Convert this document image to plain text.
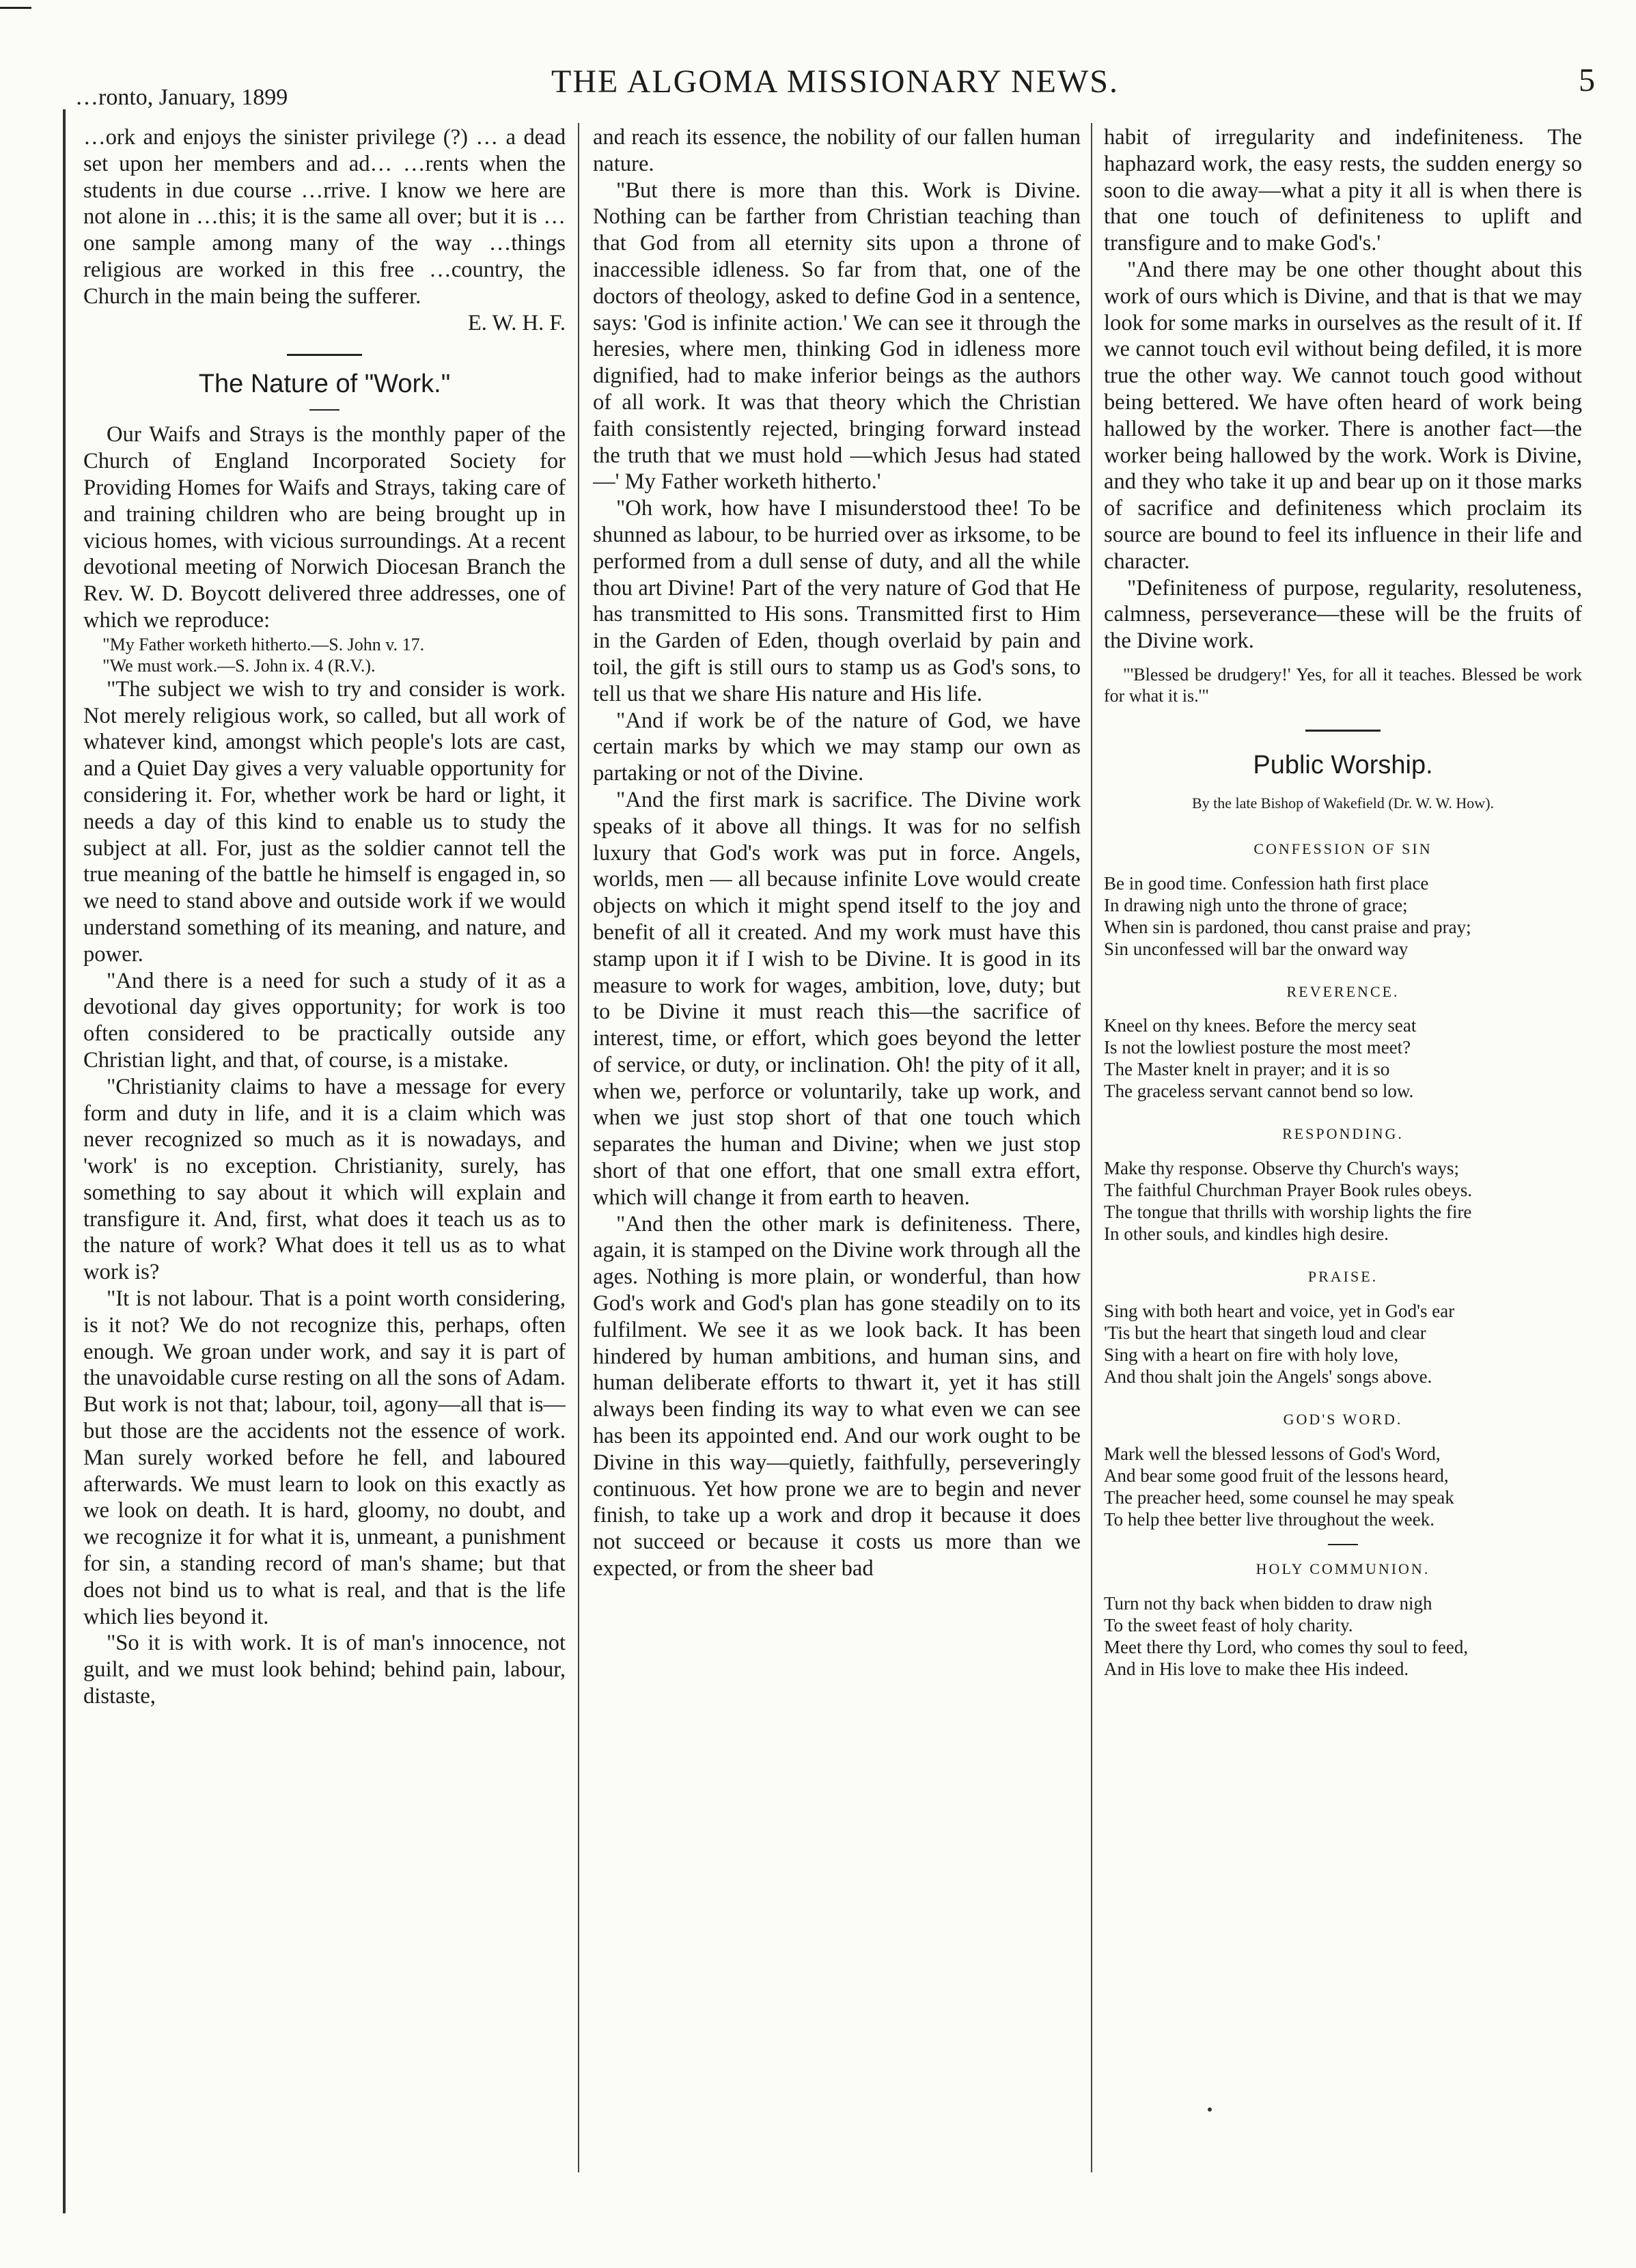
…ronto, January, 1899	THE ALGOMA MISSIONARY NEWS.	5

…ork and enjoys the sinister privilege (?) … a dead set upon her members and ad… …rents when the students in due course …rrive. I know we here are not alone in …this; it is the same all over; but it is …one sample among many of the way …things religious are worked in this free …country, the Church in the main being the sufferer.

E. W. H. F.

The Nature of "Work."

Our Waifs and Strays is the monthly paper of the Church of England Incorporated Society for Providing Homes for Waifs and Strays, taking care of and training children who are being brought up in vicious homes, with vicious surroundings. At a recent devotional meeting of Norwich Diocesan Branch the Rev. W. D. Boycott delivered three addresses, one of which we reproduce:

"My Father worketh hitherto.—S. John v. 17.

"We must work.—S. John ix. 4 (R.V.).

"The subject we wish to try and consider is work. Not merely religious work, so called, but all work of whatever kind, amongst which people's lots are cast, and a Quiet Day gives a very valuable opportunity for considering it. For, whether work be hard or light, it needs a day of this kind to enable us to study the subject at all. For, just as the soldier cannot tell the true meaning of the battle he himself is engaged in, so we need to stand above and outside work if we would understand something of its meaning, and nature, and power.

"And there is a need for such a study of it as a devotional day gives opportunity; for work is too often considered to be practically outside any Christian light, and that, of course, is a mistake.

"Christianity claims to have a message for every form and duty in life, and it is a claim which was never recognized so much as it is nowadays, and 'work' is no exception. Christianity, surely, has something to say about it which will explain and transfigure it. And, first, what does it teach us as to the nature of work? What does it tell us as to what work is?

"It is not labour. That is a point worth considering, is it not? We do not recognize this, perhaps, often enough. We groan under work, and say it is part of the unavoidable curse resting on all the sons of Adam. But work is not that; labour, toil, agony—all that is—but those are the accidents not the essence of work. Man surely worked before he fell, and laboured afterwards. We must learn to look on this exactly as we look on death. It is hard, gloomy, no doubt, and we recognize it for what it is, unmeant, a punishment for sin, a standing record of man's shame; but that does not bind us to what is real, and that is the life which lies beyond it.

"So it is with work. It is of man's innocence, not guilt, and we must look behind; behind pain, labour, distaste,

and reach its essence, the nobility of our fallen human nature.

"But there is more than this. Work is Divine. Nothing can be farther from Christian teaching than that God from all eternity sits upon a throne of inaccessible idleness. So far from that, one of the doctors of theology, asked to define God in a sentence, says: 'God is infinite action.' We can see it through the heresies, where men, thinking God in idleness more dignified, had to make inferior beings as the authors of all work. It was that theory which the Christian faith consistently rejected, bringing forward instead the truth that we must hold —which Jesus had stated—' My Father worketh hitherto.'

"Oh work, how have I misunderstood thee! To be shunned as labour, to be hurried over as irksome, to be performed from a dull sense of duty, and all the while thou art Divine! Part of the very nature of God that He has transmitted to His sons. Transmitted first to Him in the Garden of Eden, though overlaid by pain and toil, the gift is still ours to stamp us as God's sons, to tell us that we share His nature and His life.

"And if work be of the nature of God, we have certain marks by which we may stamp our own as partaking or not of the Divine.

"And the first mark is sacrifice. The Divine work speaks of it above all things. It was for no selfish luxury that God's work was put in force. Angels, worlds, men — all because infinite Love would create objects on which it might spend itself to the joy and benefit of all it created. And my work must have this stamp upon it if I wish to be Divine. It is good in its measure to work for wages, ambition, love, duty; but to be Divine it must reach this—the sacrifice of interest, time, or effort, which goes beyond the letter of service, or duty, or inclination. Oh! the pity of it all, when we, perforce or voluntarily, take up work, and when we just stop short of that one touch which separates the human and Divine; when we just stop short of that one effort, that one small extra effort, which will change it from earth to heaven.

"And then the other mark is definiteness. There, again, it is stamped on the Divine work through all the ages. Nothing is more plain, or wonderful, than how God's work and God's plan has gone steadily on to its fulfilment. We see it as we look back. It has been hindered by human ambitions, and human sins, and human deliberate efforts to thwart it, yet it has still always been finding its way to what even we can see has been its appointed end. And our work ought to be Divine in this way—quietly, faithfully, perseveringly continuous. Yet how prone we are to begin and never finish, to take up a work and drop it because it does not succeed or because it costs us more than we expected, or from the sheer bad

habit of irregularity and indefiniteness. The haphazard work, the easy rests, the sudden energy so soon to die away—what a pity it all is when there is that one touch of definiteness to uplift and transfigure and to make God's.'

"And there may be one other thought about this work of ours which is Divine, and that is that we may look for some marks in ourselves as the result of it. If we cannot touch evil without being defiled, it is more true the other way. We cannot touch good without being bettered. We have often heard of work being hallowed by the worker. There is another fact—the worker being hallowed by the work. Work is Divine, and they who take it up and bear up on it those marks of sacrifice and definiteness which proclaim its source are bound to feel its influence in their life and character.

"Definiteness of purpose, regularity, resoluteness, calmness, perseverance—these will be the fruits of the Divine work.

"'Blessed be drudgery!' Yes, for all it teaches. Blessed be work for what it is.'"

Public Worship.

By the late Bishop of Wakefield (Dr. W. W. How).

CONFESSION OF SIN

Be in good time. Confession hath first place

In drawing nigh unto the throne of grace;

When sin is pardoned, thou canst praise and pray;

Sin unconfessed will bar the onward way

REVERENCE.

Kneel on thy knees. Before the mercy seat

Is not the lowliest posture the most meet?

The Master knelt in prayer; and it is so

The graceless servant cannot bend so low.

RESPONDING.

Make thy response. Observe thy Church's ways;

The faithful Churchman Prayer Book rules obeys.

The tongue that thrills with worship lights the fire

In other souls, and kindles high desire.

PRAISE.

Sing with both heart and voice, yet in God's ear

'Tis but the heart that singeth loud and clear

Sing with a heart on fire with holy love,

And thou shalt join the Angels' songs above.

GOD'S WORD.

Mark well the blessed lessons of God's Word,

And bear some good fruit of the lessons heard,

The preacher heed, some counsel he may speak

To help thee better live throughout the week.

HOLY COMMUNION.

Turn not thy back when bidden to draw nigh

To the sweet feast of holy charity.

Meet there thy Lord, who comes thy soul to feed,

And in His love to make thee His indeed.
